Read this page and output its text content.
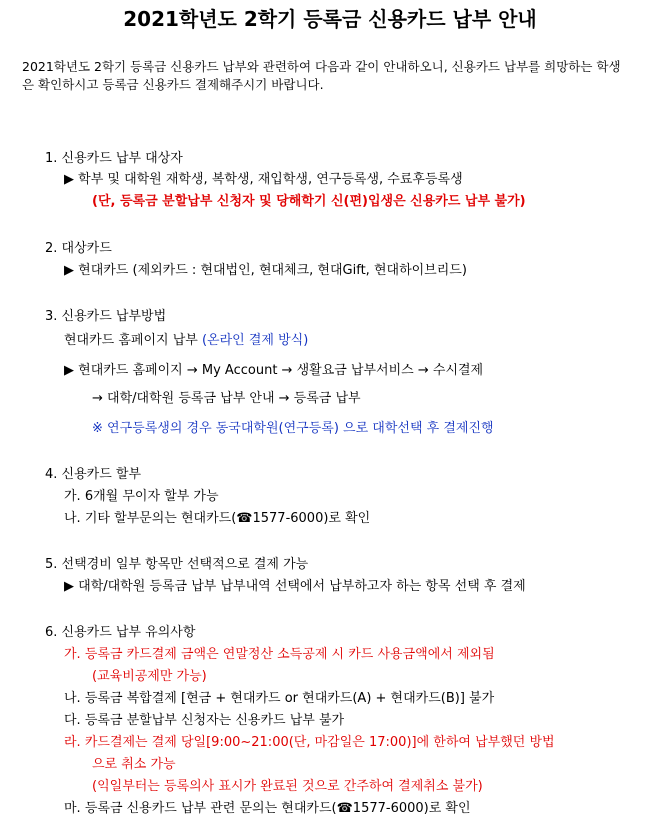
2021학년도 2학기 등록금 신용카드 납부 안내
2021학년도 2학기 등록금 신용카드 납부와 관련하여 다음과 같이 안내하오니, 신용카드 납부를 희망하는 학생은 확인하시고 등록금 신용카드 결제해주시기 바랍니다.
1. 신용카드 납부 대상자
▶ 학부 및 대학원 재학생, 복학생, 재입학생, 연구등록생, 수료후등록생
(단, 등록금 분할납부 신청자 및 당해학기 신(편)입생은 신용카드 납부 불가)
2. 대상카드
▶ 현대카드 (제외카드 : 현대법인, 현대체크, 현대Gift, 현대하이브리드)
3. 신용카드 납부방법
현대카드 홈페이지 납부 (온라인 결제 방식)
▶ 현대카드 홈페이지 → My Account → 생활요금 납부서비스 → 수시결제
→ 대학/대학원 등록금 납부 안내 → 등록금 납부
※ 연구등록생의 경우 동국대학원(연구등록) 으로 대학선택 후 결제진행
4. 신용카드 할부
가. 6개월 무이자 할부 가능
나. 기타 할부문의는 현대카드(☎1577-6000)로 확인
5. 선택경비 일부 항목만 선택적으로 결제 가능
▶ 대학/대학원 등록금 납부 납부내역 선택에서 납부하고자 하는 항목 선택 후 결제
6. 신용카드 납부 유의사항
가. 등록금 카드결제 금액은 연말정산 소득공제 시 카드 사용금액에서 제외됨
(교육비공제만 가능)
나. 등록금 복합결제 [현금 + 현대카드 or 현대카드(A) + 현대카드(B)] 불가
다. 등록금 분할납부 신청자는 신용카드 납부 불가
라. 카드결제는 결제 당일[9:00~21:00(단, 마감일은 17:00)]에 한하여 납부했던 방법
으로 취소 가능
(익일부터는 등록의사 표시가 완료된 것으로 간주하여 결제취소 불가)
마. 등록금 신용카드 납부 관련 문의는 현대카드(☎1577-6000)로 확인
